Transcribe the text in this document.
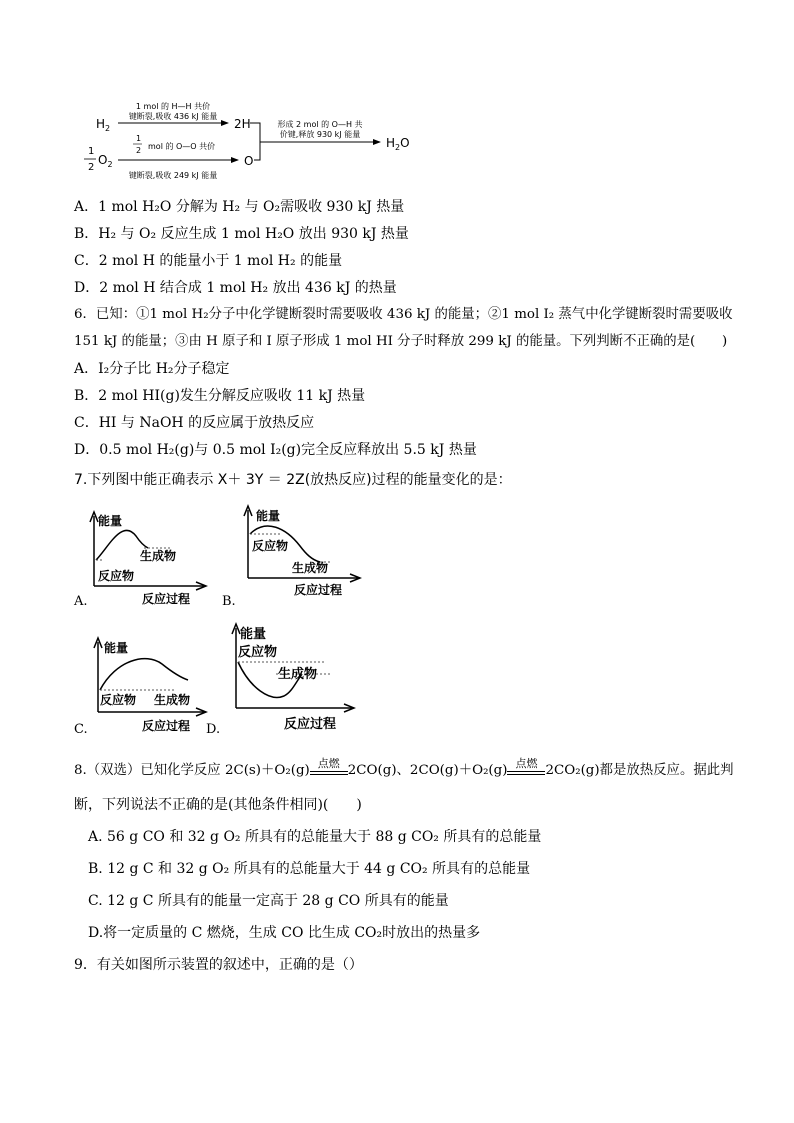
$H_2$
1 mol 的 H—H 共价
键断裂,吸收 436 kJ 能量
2H
1
2
$O_2$
1
2 mol 的 O—O 共价
键断裂,吸收 249 kJ 能量
O
形成 2 mol 的 O—H 共
价键,释放 930 kJ 能量
$H_2O$
A．1 mol H₂O 分解为 H₂ 与 O₂需吸收 930 kJ 热量
B．H₂ 与 O₂ 反应生成 1 mol H₂O 放出 930 kJ 热量
C．2 mol H 的能量小于 1 mol H₂ 的能量
D．2 mol H 结合成 1 mol H₂ 放出 436 kJ 的热量
6．已知：①1 mol H₂分子中化学键断裂时需要吸收 436 kJ 的能量；②1 mol I₂ 蒸气中化学键断裂时需要吸收
151 kJ 的能量；③由 H 原子和 I 原子形成 1 mol HI 分子时释放 299 kJ 的能量。下列判断不正确的是(　　)
A．I₂分子比 H₂分子稳定
B．2 mol HI(g)发生分解反应吸收 11 kJ 热量
C．HI 与 NaOH 的反应属于放热反应
D．0.5 mol H₂(g)与 0.5 mol I₂(g)完全反应释放出 5.5 kJ 热量
7.下列图中能正确表示 X＋ 3Y ＝ 2Z(放热反应)过程的能量变化的是：
能量
生成物
反应物
反应过程
A.
能量
反应物
生成物
反应过程
B.
能量
反应物 生成物
反应过程
C.
能量
反应物
生成物
反应过程
D.
8.（双选）已知化学反应 2C(s)＋O₂(g) 点燃 2CO(g)、2CO(g)＋O₂(g) 点燃 2CO₂(g)都是放热反应。据此判
断，下列说法不正确的是(其他条件相同)(　　)
A. 56 g CO 和 32 g O₂ 所具有的总能量大于 88 g CO₂ 所具有的总能量
B. 12 g C 和 32 g O₂ 所具有的总能量大于 44 g CO₂ 所具有的总能量
C. 12 g C 所具有的能量一定高于 28 g CO 所具有的能量
D.将一定质量的 C 燃烧，生成 CO 比生成 CO₂时放出的热量多
9．有关如图所示装置的叙述中，正确的是（）
